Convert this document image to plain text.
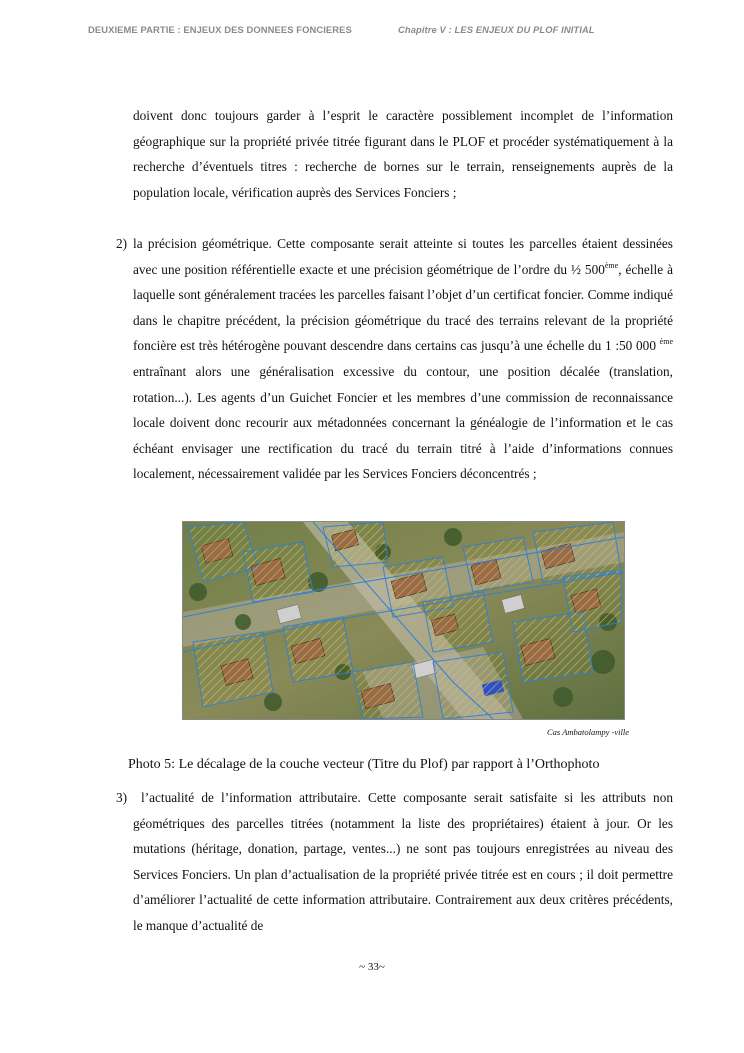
DEUXIEME PARTIE : ENJEUX DES DONNEES FONCIERES	Chapitre V : LES ENJEUX DU PLOF INITIAL
doivent donc toujours garder à l’esprit le caractère possiblement incomplet de l’information géographique sur la propriété privée titrée figurant dans le PLOF et procéder systématiquement à la recherche d’éventuels titres : recherche de bornes sur le terrain, renseignements auprès de la population locale, vérification auprès des Services Fonciers ;
2) la précision géométrique. Cette composante serait atteinte si toutes les parcelles étaient dessinées avec une position référentielle exacte et une précision géométrique de l’ordre du ½ 500ème, échelle à laquelle sont généralement tracées les parcelles faisant l’objet d’un certificat foncier. Comme indiqué dans le chapitre précédent, la précision géométrique du tracé des terrains relevant de la propriété foncière est très hétérogène pouvant descendre dans certains cas jusqu’à une échelle du 1 :50 000 $^{ème}$ entraînant alors une généralisation excessive du contour, une position décalée (translation, rotation...). Les agents d’un Guichet Foncier et les membres d’une commission de reconnaissance locale doivent donc recourir aux métadonnées concernant la généalogie de l’information et le cas échéant envisager une rectification du tracé du terrain titré à l’aide d’informations connues localement, nécessairement validée par les Services Fonciers déconcentrés ;
Cas Ambatolampy -ville
Photo 5: Le décalage de la couche vecteur (Titre du Plof) par rapport à l’Orthophoto
3)	l’actualité de l’information attributaire. Cette composante serait satisfaite si les attributs non géométriques des parcelles titrées (notamment la liste des propriétaires) étaient à jour. Or les mutations (héritage, donation, partage, ventes...) ne sont pas toujours enregistrées au niveau des Services Fonciers. Un plan d’actualisation de la propriété privée titrée est en cours ; il doit permettre d’améliorer l’actualité de cette information attributaire. Contrairement aux deux critères précédents, le manque d’actualité de
~ 33~
